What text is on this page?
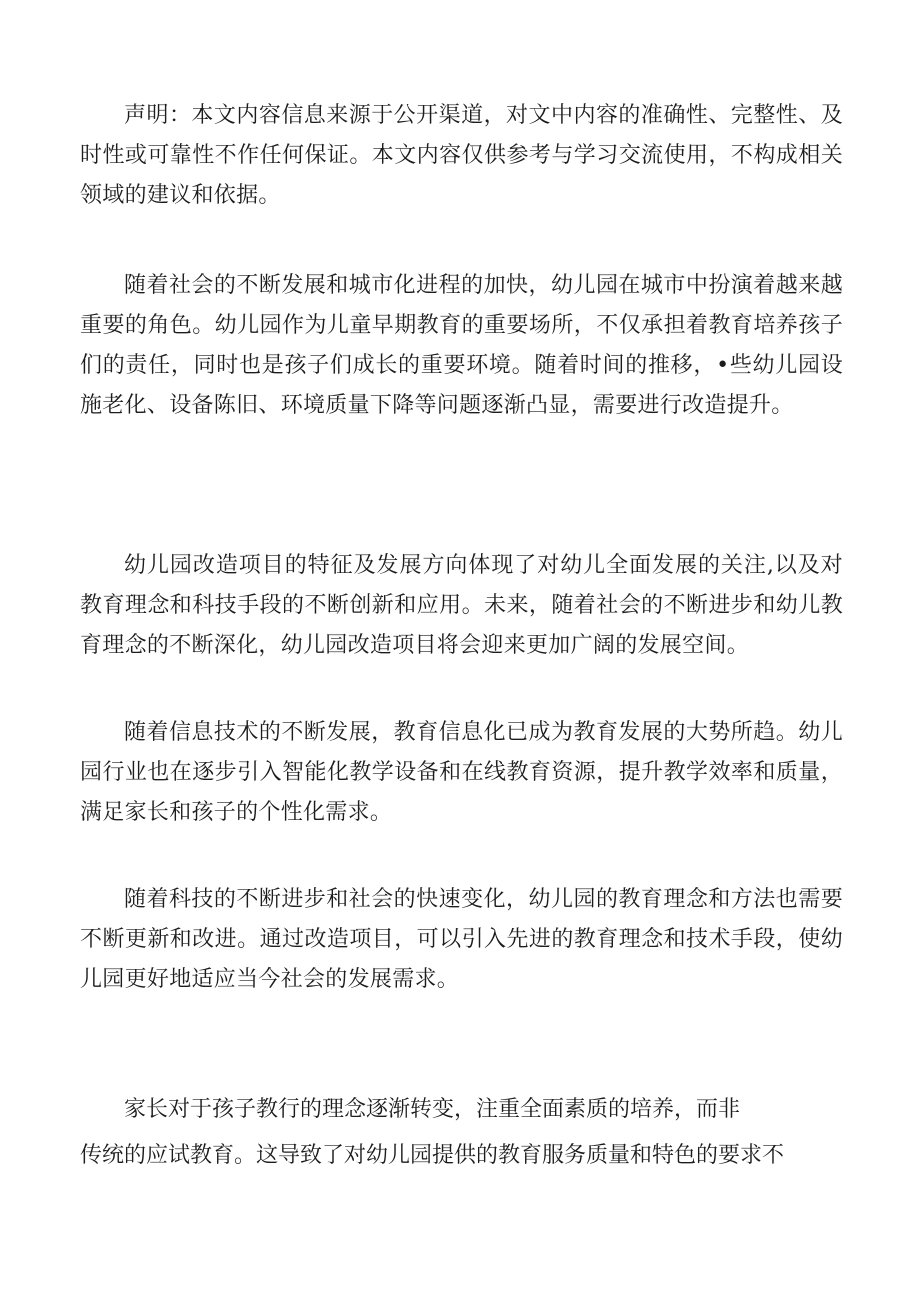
声明：本文内容信息来源于公开渠道，对文中内容的准确性、完整性、及时性或可靠性不作任何保证。本文内容仅供参考与学习交流使用，不构成相关领域的建议和依据。

随着社会的不断发展和城市化进程的加快，幼儿园在城市中扮演着越来越重要的角色。幼儿园作为儿童早期教育的重要场所，不仅承担着教育培养孩子们的责任，同时也是孩子们成长的重要环境。随着时间的推移，•些幼儿园设施老化、设备陈旧、环境质量下降等问题逐渐凸显，需要进行改造提升。

幼儿园改造项目的特征及发展方向体现了对幼儿全面发展的关注,以及对教育理念和科技手段的不断创新和应用。未来，随着社会的不断进步和幼儿教育理念的不断深化，幼儿园改造项目将会迎来更加广阔的发展空间。

随着信息技术的不断发展，教育信息化已成为教育发展的大势所趋。幼儿园行业也在逐步引入智能化教学设备和在线教育资源，提升教学效率和质量，满足家长和孩子的个性化需求。

随着科技的不断进步和社会的快速变化，幼儿园的教育理念和方法也需要不断更新和改进。通过改造项目，可以引入先进的教育理念和技术手段，使幼儿园更好地适应当今社会的发展需求。

家长对于孩子教行的理念逐渐转变，注重全面素质的培养，而非
传统的应试教育。这导致了对幼儿园提供的教育服务质量和特色的要求不
